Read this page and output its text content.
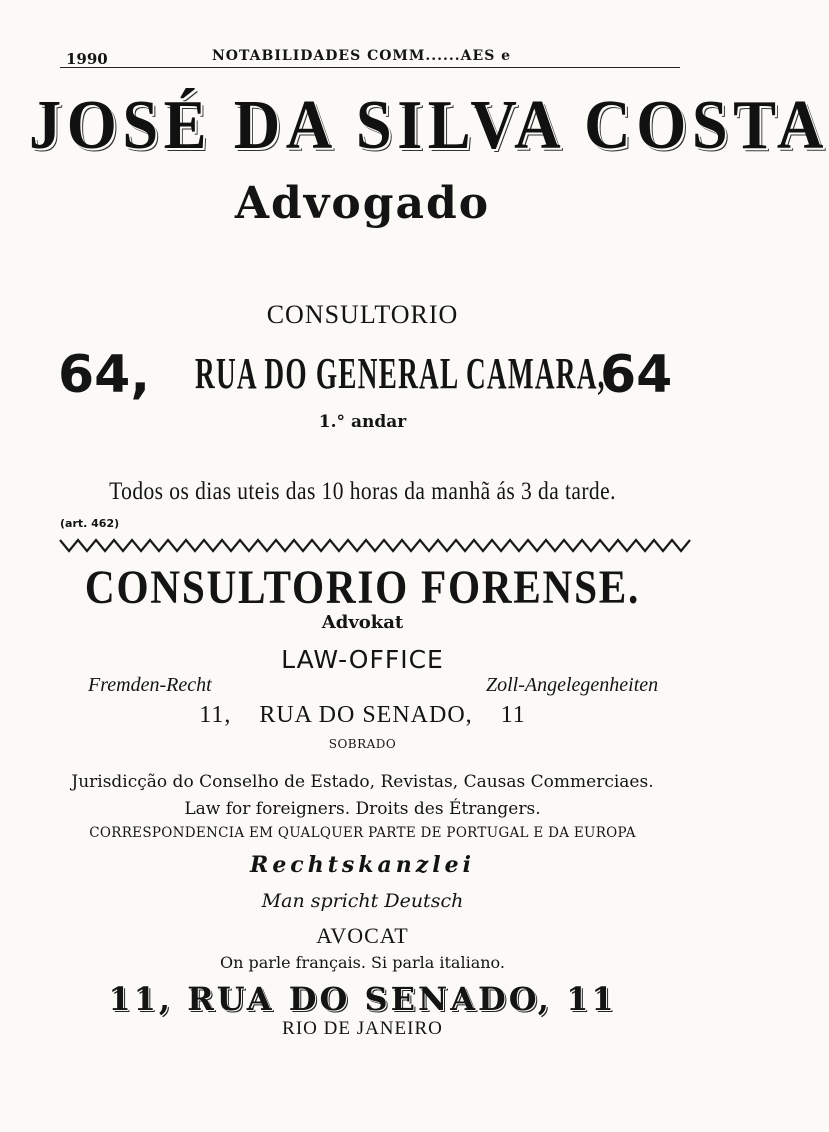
1990	NOTABILIDADES COMM......AES e
JOSÉ DA SILVA COSTA
Advogado
CONSULTORIO
64, RUA DO GENERAL CAMARA,
64
1.° andar
Todos os dias uteis das 10 horas da manhã ás 3 da tarde.
(art. 462)
CONSULTORIO FORENSE.
Advokat
LAW-OFFICE
Fremden-Recht	Zoll-Angelegenheiten
11,    RUA DO SENADO,    11
SOBRADO
Jurisdicção do Conselho de Estado, Revistas, Causas Commerciaes.
Law for foreigners. Droits des Étrangers.
CORRESPONDENCIA EM QUALQUER PARTE DE PORTUGAL E DA EUROPA
Rechtskanzlei
Man spricht Deutsch
AVOCAT
On parle français. Si parla italiano.
11, RUA DO SENADO, 11
RIO DE JANEIRO
